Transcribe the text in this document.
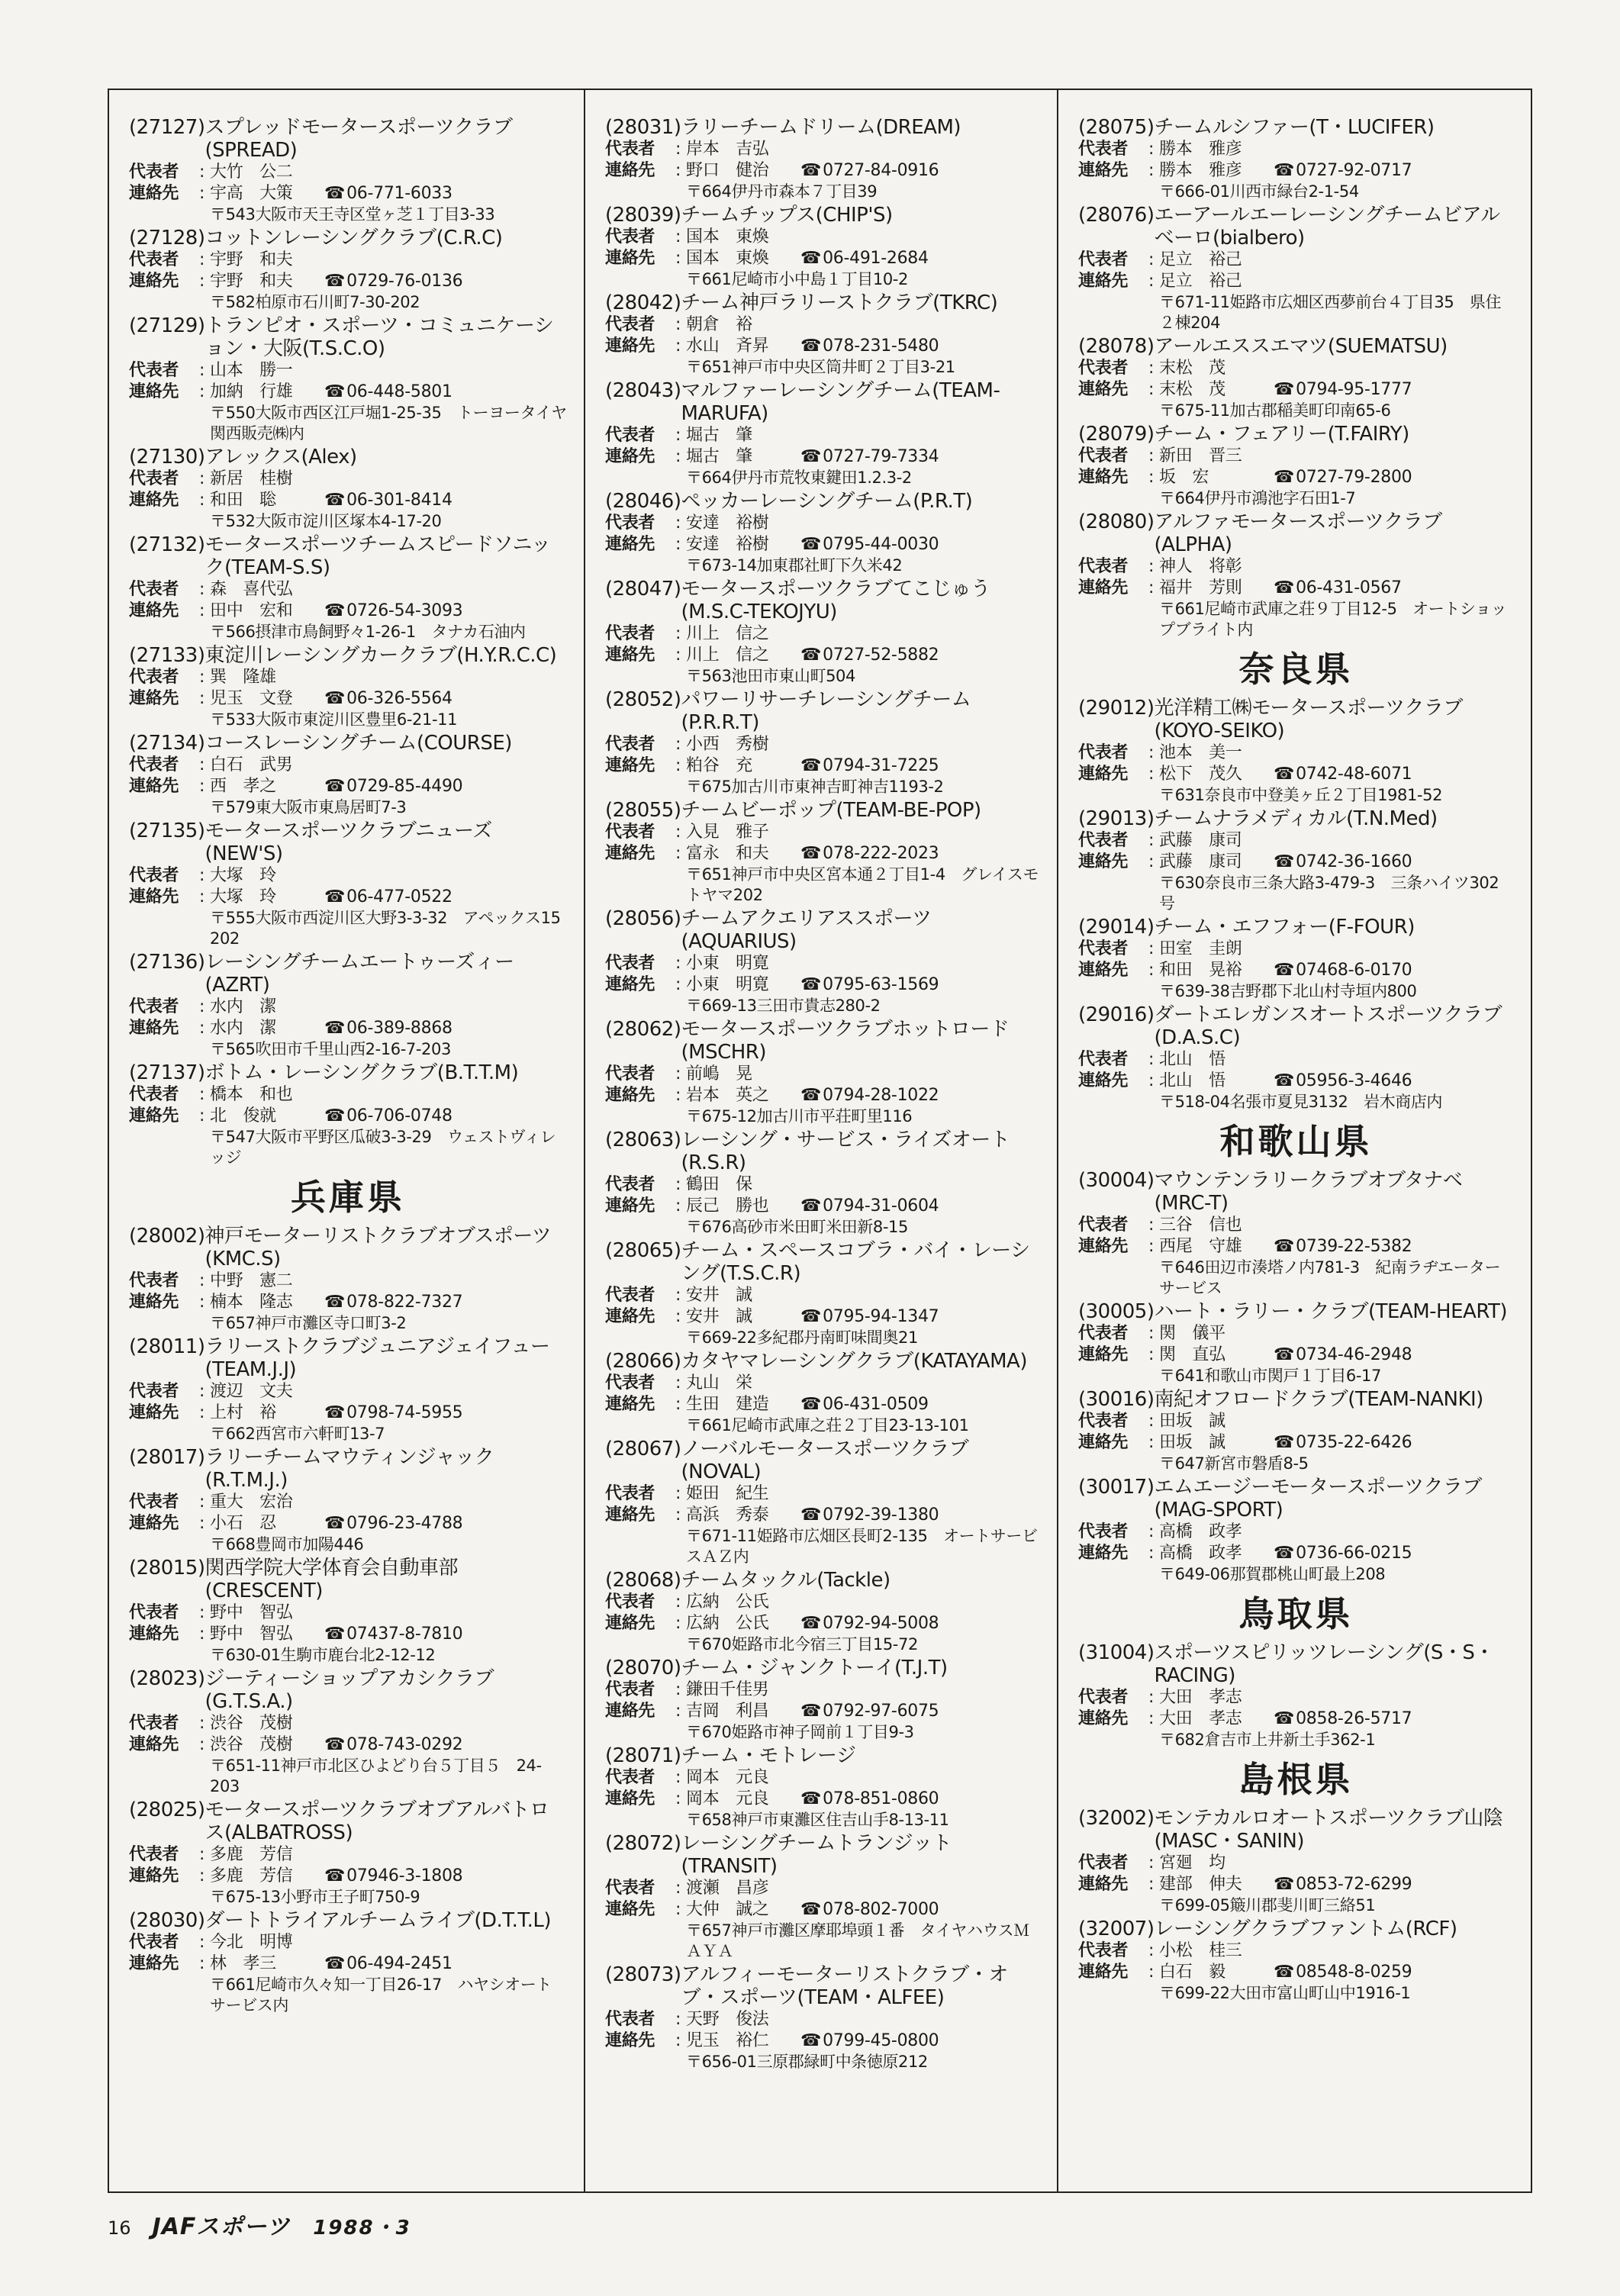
(27127) スプレッドモータースポーツクラブ(SPREAD)
代表者	: 大竹　公二
連絡先	: 宇高　大策	☎ 06-771-6033
〒543大阪市天王寺区堂ヶ芝１丁目3-33
(27128) コットンレーシングクラブ(C.R.C)
代表者	: 宇野　和夫
連絡先	: 宇野　和夫	☎ 0729-76-0136
〒582柏原市石川町7-30-202
(27129) トランピオ・スポーツ・コミュニケーション・大阪(T.S.C.O)
代表者	: 山本　勝一
連絡先	: 加納　行雄	☎ 06-448-5801
〒550大阪市西区江戸堀1-25-35　トーヨータイヤ関西販売㈱内
(27130) アレックス(Alex)
代表者	: 新居　桂樹
連絡先	: 和田　聡	☎ 06-301-8414
〒532大阪市淀川区塚本4-17-20
(27132) モータースポーツチームスピードソニック(TEAM-S.S)
代表者	: 森　喜代弘
連絡先	: 田中　宏和	☎ 0726-54-3093
〒566摂津市鳥飼野々1-26-1　タナカ石油内
(27133) 東淀川レーシングカークラブ(H.Y.R.C.C)
代表者	: 巽　隆雄
連絡先	: 児玉　文登	☎ 06-326-5564
〒533大阪市東淀川区豊里6-21-11
(27134) コースレーシングチーム(COURSE)
代表者	: 白石　武男
連絡先	: 西　孝之	☎ 0729-85-4490
〒579東大阪市東鳥居町7-3
(27135) モータースポーツクラブニューズ(NEW'S)
代表者	: 大塚　玲
連絡先	: 大塚　玲	☎ 06-477-0522
〒555大阪市西淀川区大野3-3-32　アペックス15　202
(27136) レーシングチームエートゥーズィー(AZRT)
代表者	: 水内　潔
連絡先	: 水内　潔	☎ 06-389-8868
〒565吹田市千里山西2-16-7-203
(27137) ボトム・レーシングクラブ(B.T.T.M)
代表者	: 橋本　和也
連絡先	: 北　俊就	☎ 06-706-0748
〒547大阪市平野区瓜破3-3-29　ウェストヴィレッジ
兵庫県
(28002) 神戸モーターリストクラブオブスポーツ(KMC.S)
代表者	: 中野　憲二
連絡先	: 楠本　隆志	☎ 078-822-7327
〒657神戸市灘区寺口町3-2
(28011) ラリーストクラブジュニアジェイフュー(TEAM.J.J)
代表者	: 渡辺　文夫
連絡先	: 上村　裕	☎ 0798-74-5955
〒662西宮市六軒町13-7
(28017) ラリーチームマウティンジャック(R.T.M.J.)
代表者	: 重大　宏治
連絡先	: 小石　忍	☎ 0796-23-4788
〒668豊岡市加陽446
(28015) 関西学院大学体育会自動車部(CRESCENT)
代表者	: 野中　智弘
連絡先	: 野中　智弘	☎ 07437-8-7810
〒630-01生駒市鹿台北2-12-12
(28023) ジーティーショップアカシクラブ(G.T.S.A.)
代表者	: 渋谷　茂樹
連絡先	: 渋谷　茂樹	☎ 078-743-0292
〒651-11神戸市北区ひよどり台５丁目５　24-203
(28025) モータースポーツクラブオブアルバトロス(ALBATROSS)
代表者	: 多鹿　芳信
連絡先	: 多鹿　芳信	☎ 07946-3-1808
〒675-13小野市王子町750-9
(28030) ダートトライアルチームライブ(D.T.T.L)
代表者	: 今北　明博
連絡先	: 林　孝三	☎ 06-494-2451
〒661尼崎市久々知一丁目26-17　ハヤシオートサービス内
(28031) ラリーチームドリーム(DREAM)
代表者	: 岸本　吉弘
連絡先	: 野口　健治	☎ 0727-84-0916
〒664伊丹市森本７丁目39
(28039) チームチップス(CHIP'S)
代表者	: 国本　東煥
連絡先	: 国本　東煥	☎ 06-491-2684
〒661尼崎市小中島１丁目10-2
(28042) チーム神戸ラリーストクラブ(TKRC)
代表者	: 朝倉　裕
連絡先	: 水山　斉昇	☎ 078-231-5480
〒651神戸市中央区筒井町２丁目3-21
(28043) マルファーレーシングチーム(TEAM-MARUFA)
代表者	: 堀古　肇
連絡先	: 堀古　肇	☎ 0727-79-7334
〒664伊丹市荒牧東鍵田1.2.3-2
(28046) ペッカーレーシングチーム(P.R.T)
代表者	: 安達　裕樹
連絡先	: 安達　裕樹	☎ 0795-44-0030
〒673-14加東郡社町下久米42
(28047) モータースポーツクラブてこじゅう(M.S.C-TEKOJYU)
代表者	: 川上　信之
連絡先	: 川上　信之	☎ 0727-52-5882
〒563池田市東山町504
(28052) パワーリサーチレーシングチーム(P.R.R.T)
代表者	: 小西　秀樹
連絡先	: 粕谷　充	☎ 0794-31-7225
〒675加古川市東神吉町神吉1193-2
(28055) チームビーポップ(TEAM-BE-POP)
代表者	: 入見　雅子
連絡先	: 富永　和夫	☎ 078-222-2023
〒651神戸市中央区宮本通２丁目1-4　グレイスモトヤマ202
(28056) チームアクエリアススポーツ(AQUARIUS)
代表者	: 小東　明寛
連絡先	: 小東　明寛	☎ 0795-63-1569
〒669-13三田市貴志280-2
(28062) モータースポーツクラブホットロード(MSCHR)
代表者	: 前嶋　晃
連絡先	: 岩本　英之	☎ 0794-28-1022
〒675-12加古川市平荘町里116
(28063) レーシング・サービス・ライズオート(R.S.R)
代表者	: 鶴田　保
連絡先	: 辰己　勝也	☎ 0794-31-0604
〒676高砂市米田町米田新8-15
(28065) チーム・スペースコブラ・バイ・レーシング(T.S.C.R)
代表者	: 安井　誠
連絡先	: 安井　誠	☎ 0795-94-1347
〒669-22多紀郡丹南町味間奥21
(28066) カタヤマレーシングクラブ(KATAYAMA)
代表者	: 丸山　栄
連絡先	: 生田　建造	☎ 06-431-0509
〒661尼崎市武庫之荘２丁目23-13-101
(28067) ノーバルモータースポーツクラブ(NOVAL)
代表者	: 姫田　紀生
連絡先	: 高浜　秀泰	☎ 0792-39-1380
〒671-11姫路市広畑区長町2-135　オートサービスＡＺ内
(28068) チームタックル(Tackle)
代表者	: 広納　公氏
連絡先	: 広納　公氏	☎ 0792-94-5008
〒670姫路市北今宿三丁目15-72
(28070) チーム・ジャンクトーイ(T.J.T)
代表者	: 鎌田千佳男
連絡先	: 吉岡　利昌	☎ 0792-97-6075
〒670姫路市神子岡前１丁目9-3
(28071) チーム・モトレージ
代表者	: 岡本　元良
連絡先	: 岡本　元良	☎ 078-851-0860
〒658神戸市東灘区住吉山手8-13-11
(28072) レーシングチームトランジット(TRANSIT)
代表者	: 渡瀬　昌彦
連絡先	: 大仲　誠之	☎ 078-802-7000
〒657神戸市灘区摩耶埠頭１番　タイヤハウスＭＡＹＡ
(28073) アルフィーモーターリストクラブ・オブ・スポーツ(TEAM・ALFEE)
代表者	: 天野　俊法
連絡先	: 児玉　裕仁	☎ 0799-45-0800
〒656-01三原郡緑町中条徳原212
(28075) チームルシファー(T・LUCIFER)
代表者	: 勝本　雅彦
連絡先	: 勝本　雅彦	☎ 0727-92-0717
〒666-01川西市緑台2-1-54
(28076) エーアールエーレーシングチームビアルベーロ(bialbero)
代表者	: 足立　裕己
連絡先	: 足立　裕己
〒671-11姫路市広畑区西夢前台４丁目35　県住２棟204
(28078) アールエススエマツ(SUEMATSU)
代表者	: 末松　茂
連絡先	: 末松　茂	☎ 0794-95-1777
〒675-11加古郡稲美町印南65-6
(28079) チーム・フェアリー(T.FAIRY)
代表者	: 新田　晋三
連絡先	: 坂　宏	☎ 0727-79-2800
〒664伊丹市鴻池字石田1-7
(28080) アルファモータースポーツクラブ(ALPHA)
代表者	: 神人　将彰
連絡先	: 福井　芳則	☎ 06-431-0567
〒661尼崎市武庫之荘９丁目12-5　オートショップブライト内
奈良県
(29012) 光洋精工㈱モータースポーツクラブ(KOYO-SEIKO)
代表者	: 池本　美一
連絡先	: 松下　茂久	☎ 0742-48-6071
〒631奈良市中登美ヶ丘２丁目1981-52
(29013) チームナラメディカル(T.N.Med)
代表者	: 武藤　康司
連絡先	: 武藤　康司	☎ 0742-36-1660
〒630奈良市三条大路3-479-3　三条ハイツ302号
(29014) チーム・エフフォー(F-FOUR)
代表者	: 田室　圭朗
連絡先	: 和田　晃裕	☎ 07468-6-0170
〒639-38吉野郡下北山村寺垣内800
(29016) ダートエレガンスオートスポーツクラブ(D.A.S.C)
代表者	: 北山　悟
連絡先	: 北山　悟	☎ 05956-3-4646
〒518-04名張市夏見3132　岩木商店内
和歌山県
(30004) マウンテンラリークラブオブタナベ(MRC-T)
代表者	: 三谷　信也
連絡先	: 西尾　守雄	☎ 0739-22-5382
〒646田辺市湊塔ノ内781-3　紀南ラヂエーターサービス
(30005) ハート・ラリー・クラブ(TEAM-HEART)
代表者	: 関　儀平
連絡先	: 関　直弘	☎ 0734-46-2948
〒641和歌山市関戸１丁目6-17
(30016) 南紀オフロードクラブ(TEAM-NANKI)
代表者	: 田坂　誠
連絡先	: 田坂　誠	☎ 0735-22-6426
〒647新宮市磐盾8-5
(30017) エムエージーモータースポーツクラブ(MAG-SPORT)
代表者	: 高橋　政孝
連絡先	: 高橋　政孝	☎ 0736-66-0215
〒649-06那賀郡桃山町最上208
鳥取県
(31004) スポーツスピリッツレーシング(S・S・RACING)
代表者	: 大田　孝志
連絡先	: 大田　孝志	☎ 0858-26-5717
〒682倉吉市上井新土手362-1
島根県
(32002) モンテカルロオートスポーツクラブ山陰(MASC・SANIN)
代表者	: 宮廻　均
連絡先	: 建部　伸夫	☎ 0853-72-6299
〒699-05簸川郡斐川町三絡51
(32007) レーシングクラブファントム(RCF)
代表者	: 小松　桂三
連絡先	: 白石　毅	☎ 08548-8-0259
〒699-22大田市富山町山中1916-1
16 JAFスポーツ 1988・3
